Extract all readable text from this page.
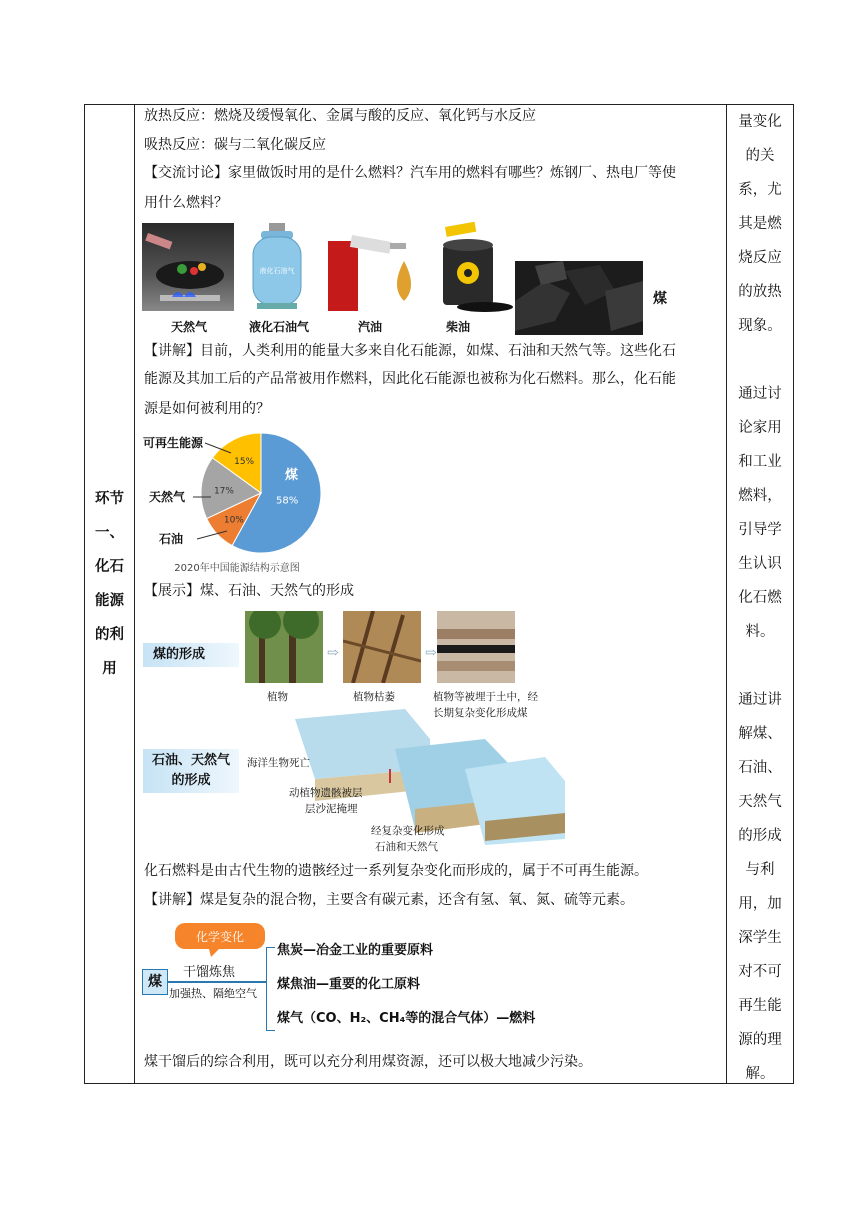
环节
一、
化石
能源
的利
用
放热反应：燃烧及缓慢氧化、金属与酸的反应、氧化钙与水反应
吸热反应：碳与二氧化碳反应
【交流讨论】家里做饭时用的是什么燃料？汽车用的燃料有哪些？炼钢厂、热电厂等使
用什么燃料？
液化石油气
天然气	液化石油气	汽油	柴油
煤
【讲解】目前，人类利用的能量大多来自化石能源，如煤、石油和天然气等。这些化石
能源及其加工后的产品常被用作燃料，因此化石能源也被称为化石燃料。那么，化石能
源是如何被利用的？
58%
10%
17%
15%
煤
石油
天然气
可再生能源
2020年中国能源结构示意图
【展示】煤、石油、天然气的形成
煤的形成	⇨	⇨
植物	植物枯萎	植物等被埋于土中，经
长期复杂变化形成煤
石油、天然气
的形成
海洋生物死亡
动植物遗骸被层
层沙泥掩埋
经复杂变化形成
石油和天然气
化石燃料是由古代生物的遗骸经过一系列复杂变化而形成的，属于不可再生能源。
【讲解】煤是复杂的混合物，主要含有碳元素，还含有氢、氧、氮、硫等元素。
化学变化
煤
干馏炼焦
加强热、隔绝空气
焦炭—冶金工业的重要原料
煤焦油—重要的化工原料
煤气（CO、H₂、CH₄等的混合气体）—燃料
煤干馏后的综合利用，既可以充分利用煤资源，还可以极大地减少污染。
量变化
的关
系，尤
其是燃
烧反应
的放热
现象。

通过讨
论家用
和工业
燃料，
引导学
生认识
化石燃
料。

通过讲
解煤、
石油、
天然气
的形成
与利
用，加
深学生
对不可
再生能
源的理
解。
